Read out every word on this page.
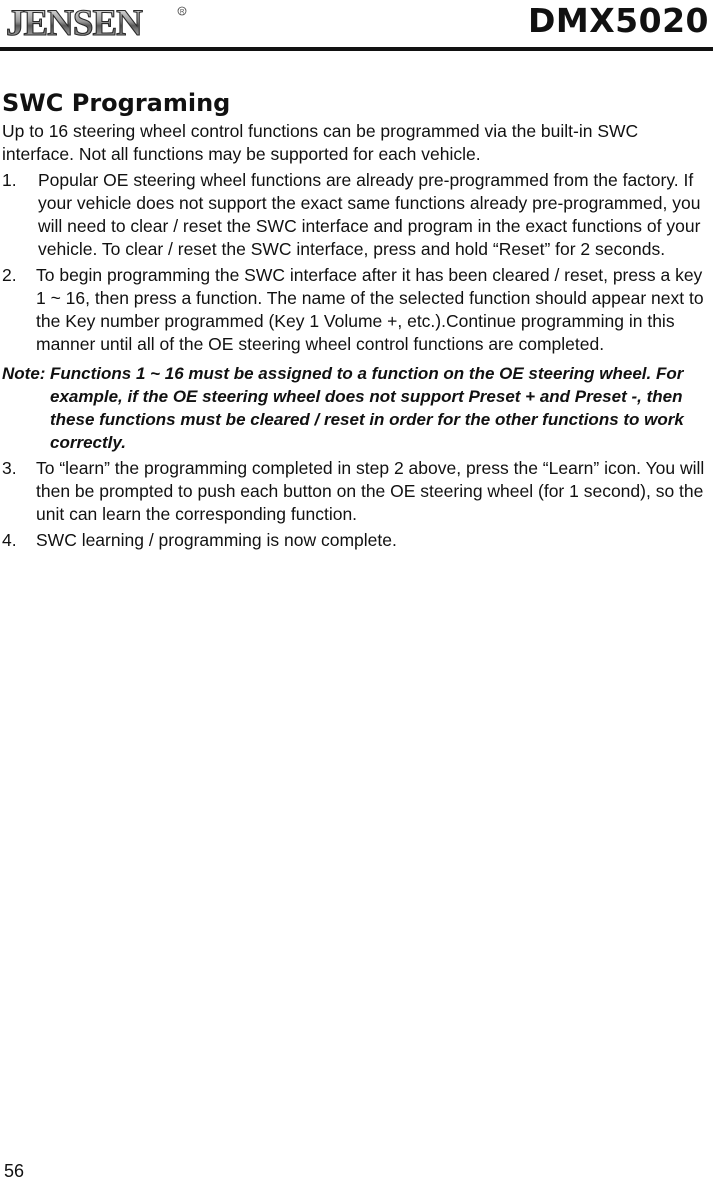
JENSEN	R	DMX5020
SWC Programing

Up to 16 steering wheel control functions can be programmed via the built-in SWC interface. Not all functions may be supported for each vehicle.

1.	Popular OE steering wheel functions are already pre-programmed from the factory. If your vehicle does not support the exact same functions already pre-programmed, you will need to clear / reset the SWC interface and program in the exact functions of your vehicle. To clear / reset the SWC interface, press and hold “Reset” for 2 seconds.
2.	To begin programming the SWC interface after it has been cleared / reset, press a key 1 ~ 16, then press a function. The name of the selected function should appear next to the Key number programmed (Key 1 Volume +, etc.).Continue programming in this manner until all of the OE steering wheel control functions are completed.
Note: Functions 1 ~ 16 must be assigned to a function on the OE steering wheel. For example, if the OE steering wheel does not support Preset + and Preset -, then these functions must be cleared / reset in order for the other functions to work correctly.
3.	To “learn” the programming completed in step 2 above, press the “Learn” icon. You will then be prompted to push each button on the OE steering wheel (for 1 second), so the unit can learn the corresponding function.
4.	SWC learning / programming is now complete.
56
